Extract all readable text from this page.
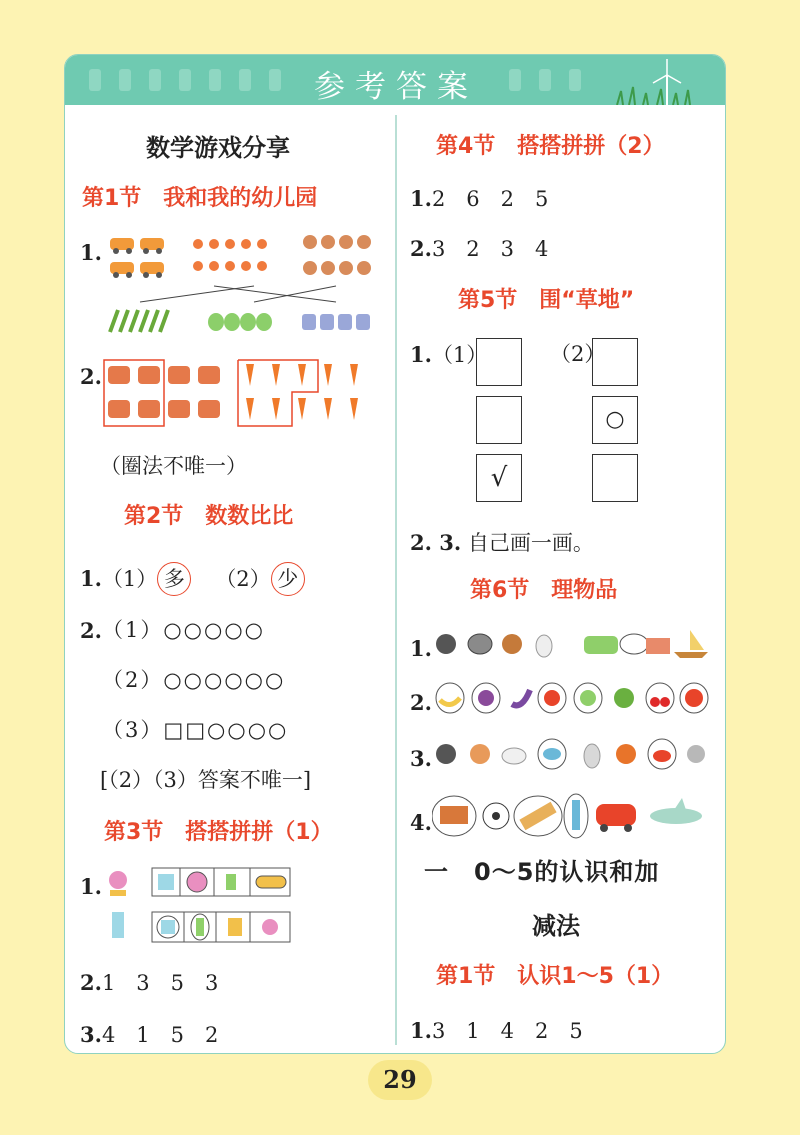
参考答案
数学游戏分享
第1节　我和我的幼儿园
1.
2.
（圈法不唯一）
第2节　数数比比
1.（1） 多 （2） 少
2. （1）○○○○○
（2）○○○○○○
（3）□□○○○○
[（2）（3）答案不唯一]
第3节　搭搭拼拼（1）
1.
2.1　3　5　3
3.4　1　5　2
第4节　搭搭拼拼（2）
1.2　6　2　5
2.3　2　3　4
第5节　围“草地”
1.（1）	（2）
√
○
2. 3. 自己画一画。
第6节　理物品
1.
2.
3.
4.
一　0～5的认识和加
减法
第1节　认识1～5（1）
1.3　1　4　2　5
29
